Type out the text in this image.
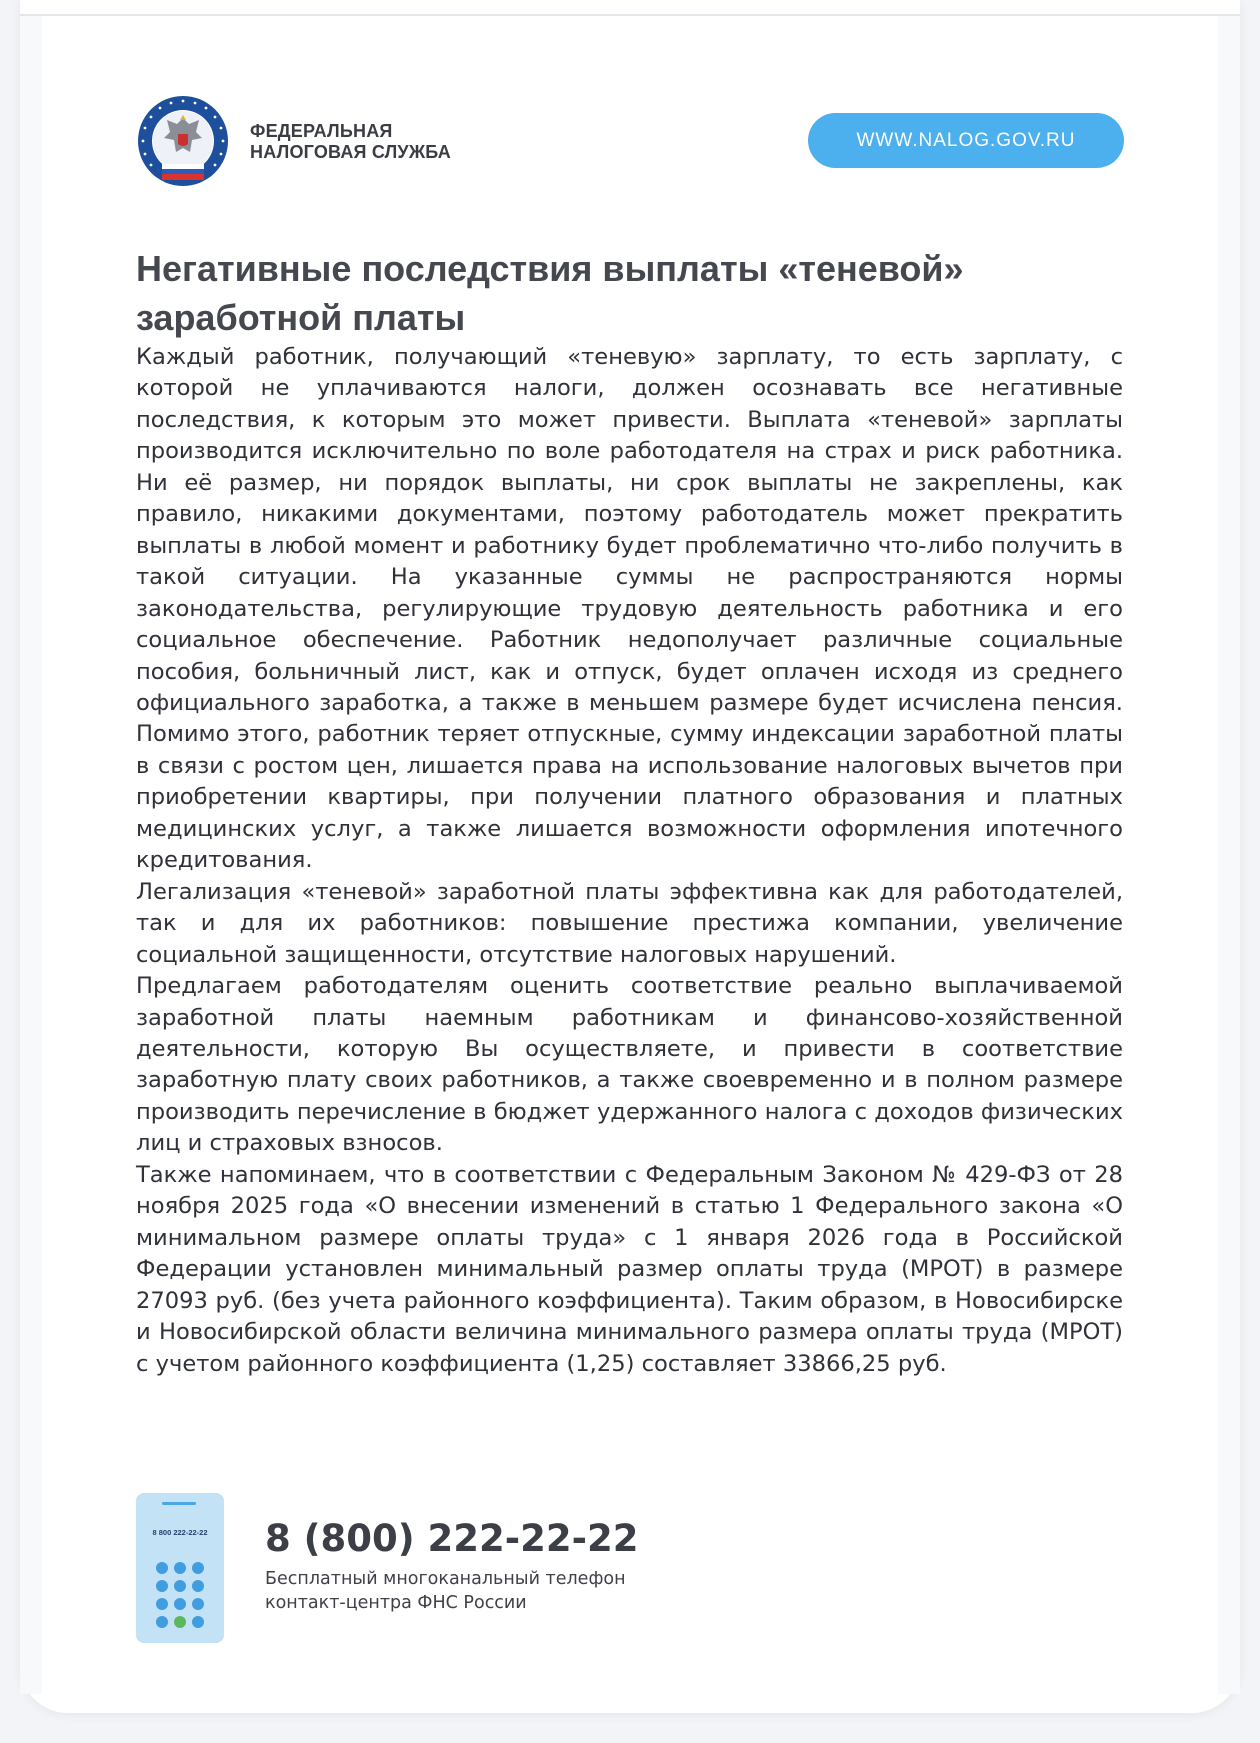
ФЕДЕРАЛЬНАЯ
НАЛОГОВАЯ СЛУЖБА
WWW.NALOG.GOV.RU
Негативные последствия выплаты «теневой» заработной платы

Каждый работник, получающий «теневую» зарплату, то есть зарплату, с которой не уплачиваются налоги, должен осознавать все негативные последствия, к которым это может привести. Выплата «теневой» зарплаты производится исключительно по воле работодателя на страх и риск работника. Ни её размер, ни порядок выплаты, ни срок выплаты не закреплены, как правило, никакими документами, поэтому работодатель может прекратить выплаты в любой момент и работнику будет проблематично что-либо получить в такой ситуации. На указанные суммы не распространяются нормы законодательства, регулирующие трудовую деятельность работника и его социальное обеспечение. Работник недополучает различные социальные пособия, больничный лист, как и отпуск, будет оплачен исходя из среднего официального заработка, а также в меньшем размере будет исчислена пенсия. Помимо этого, работник теряет отпускные, сумму индексации заработной платы в связи с ростом цен, лишается права на использование налоговых вычетов при приобретении квартиры, при получении платного образования и платных медицинских услуг, а также лишается возможности оформления ипотечного кредитования.

Легализация «теневой» заработной платы эффективна как для работодателей, так и для их работников: повышение престижа компании, увеличение социальной защищенности, отсутствие налоговых нарушений.

Предлагаем работодателям оценить соответствие реально выплачиваемой заработной платы наемным работникам и финансово-хозяйственной деятельности, которую Вы осуществляете, и привести в соответствие заработную плату своих работников, а также своевременно и в полном размере производить перечисление в бюджет удержанного налога с доходов физических лиц и страховых взносов.

Также напоминаем, что в соответствии с Федеральным Законом № 429-ФЗ от 28 ноября 2025 года «О внесении изменений в статью 1 Федерального закона «О минимальном размере оплаты труда» с 1 января 2026 года в Российской Федерации установлен минимальный размер оплаты труда (МРОТ) в размере 27093 руб. (без учета районного коэффициента). Таким образом, в Новосибирске и Новосибирской области величина минимального размера оплаты труда (МРОТ) с учетом районного коэффициента (1,25) составляет 33866,25 руб.

8 800 222-22-22 8 (800) 222-22-22
Бесплатный многоканальный телефон
контакт-центра ФНС России
